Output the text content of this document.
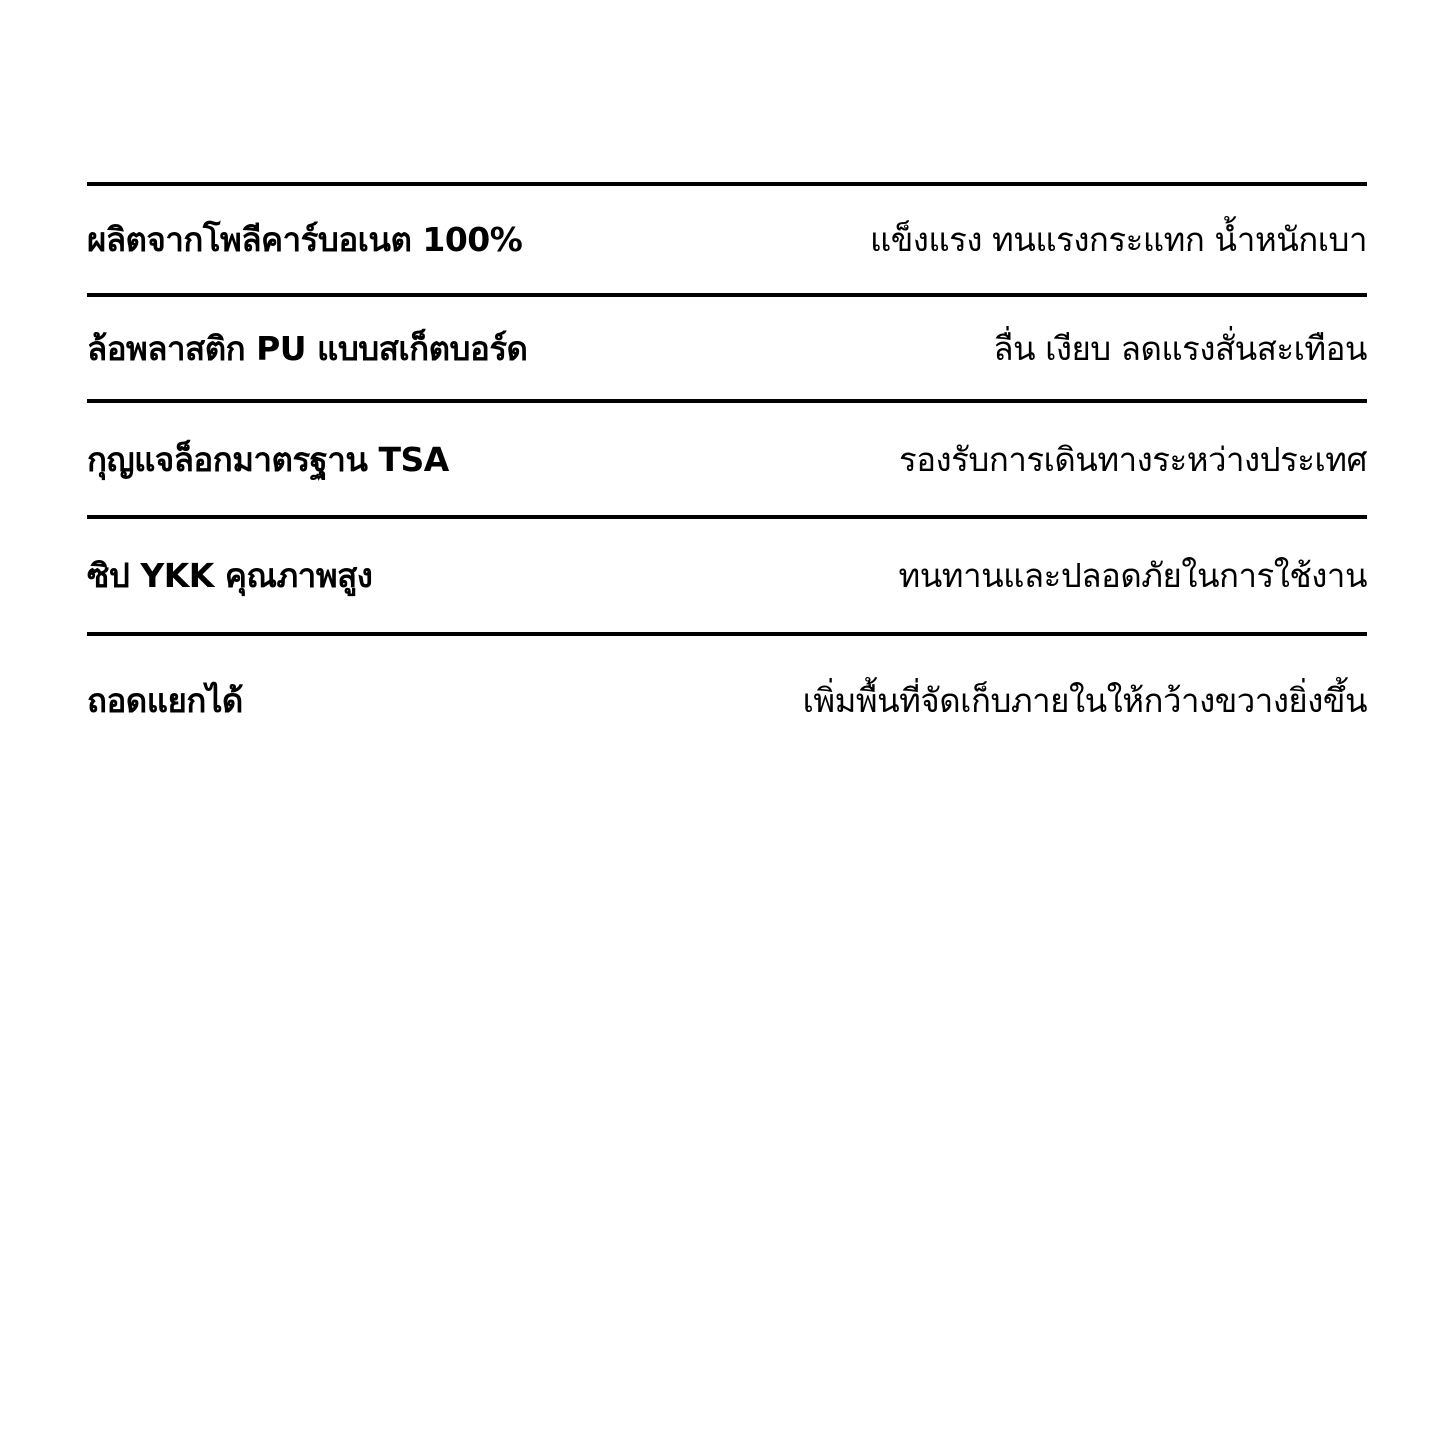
ผลิตจากโพลีคาร์บอเนต 100%	แข็งแรง ทนแรงกระแทก น้ำหนักเบา
ล้อพลาสติก PU แบบสเก็ตบอร์ด	ลื่น เงียบ ลดแรงสั่นสะเทือน
กุญแจล็อกมาตรฐาน TSA	รองรับการเดินทางระหว่างประเทศ
ซิป YKK คุณภาพสูง	ทนทานและปลอดภัยในการใช้งาน
ถอดแยกได้	เพิ่มพื้นที่จัดเก็บภายในให้กว้างขวางยิ่งขึ้น
